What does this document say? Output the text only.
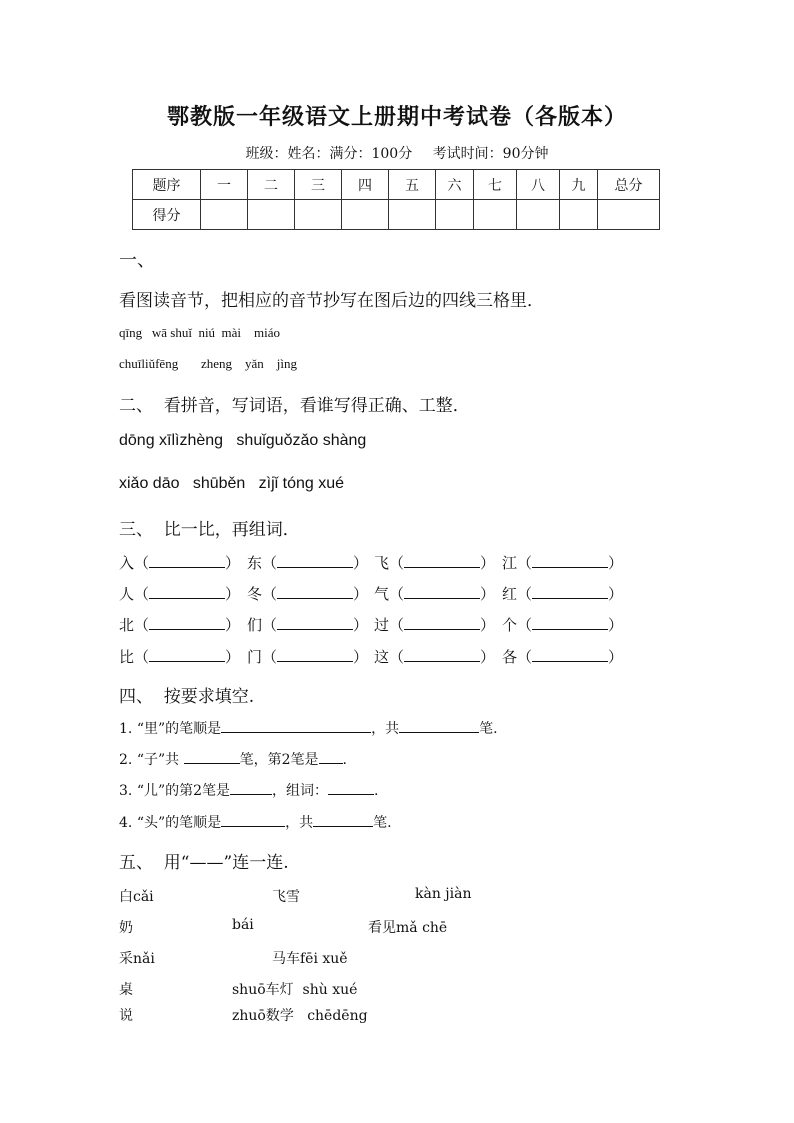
鄂教版一年级语文上册期中考试卷（各版本）
班级：姓名：满分：100分 考试时间：90分钟
题序	一	二	三	四	五	六	七	八	九	总分
得分										
一、
看图读音节，把相应的音节抄写在图后边的四线三格里．
qīng   wā shuǐ  niú  mài    miáo
chuīliǔfēng       zheng    yǎn    jìng
二、  看拼音，写词语，看谁写得正确、工整．
dōng xīlìzhèng   shuǐguǒzǎo shàng
xiǎo dāo   shūběn   zìjǐ tóng xué
三、  比一比，再组词．
入（	） 东（	） 飞（	） 江（	）
人（	） 冬（	） 气（	） 红（	）
北（	） 们（	） 过（	） 个（	）
比（	） 门（	） 这（	） 各（	）
四、  按要求填空.
1. “里”的笔顺是	，共	笔.
2. “子”共	笔，第2笔是 .
3. “儿”的第2笔是	，组词：	.
4. “头”的笔顺是	，共	笔.
五、  用“——”连一连.
白cǎi	飞雪	kàn jiàn
奶	bái	看见mǎ chē
采nǎi	马车fēi xuě
桌	shuō车灯  shù xué
说	zhuō数学   chēdēng
